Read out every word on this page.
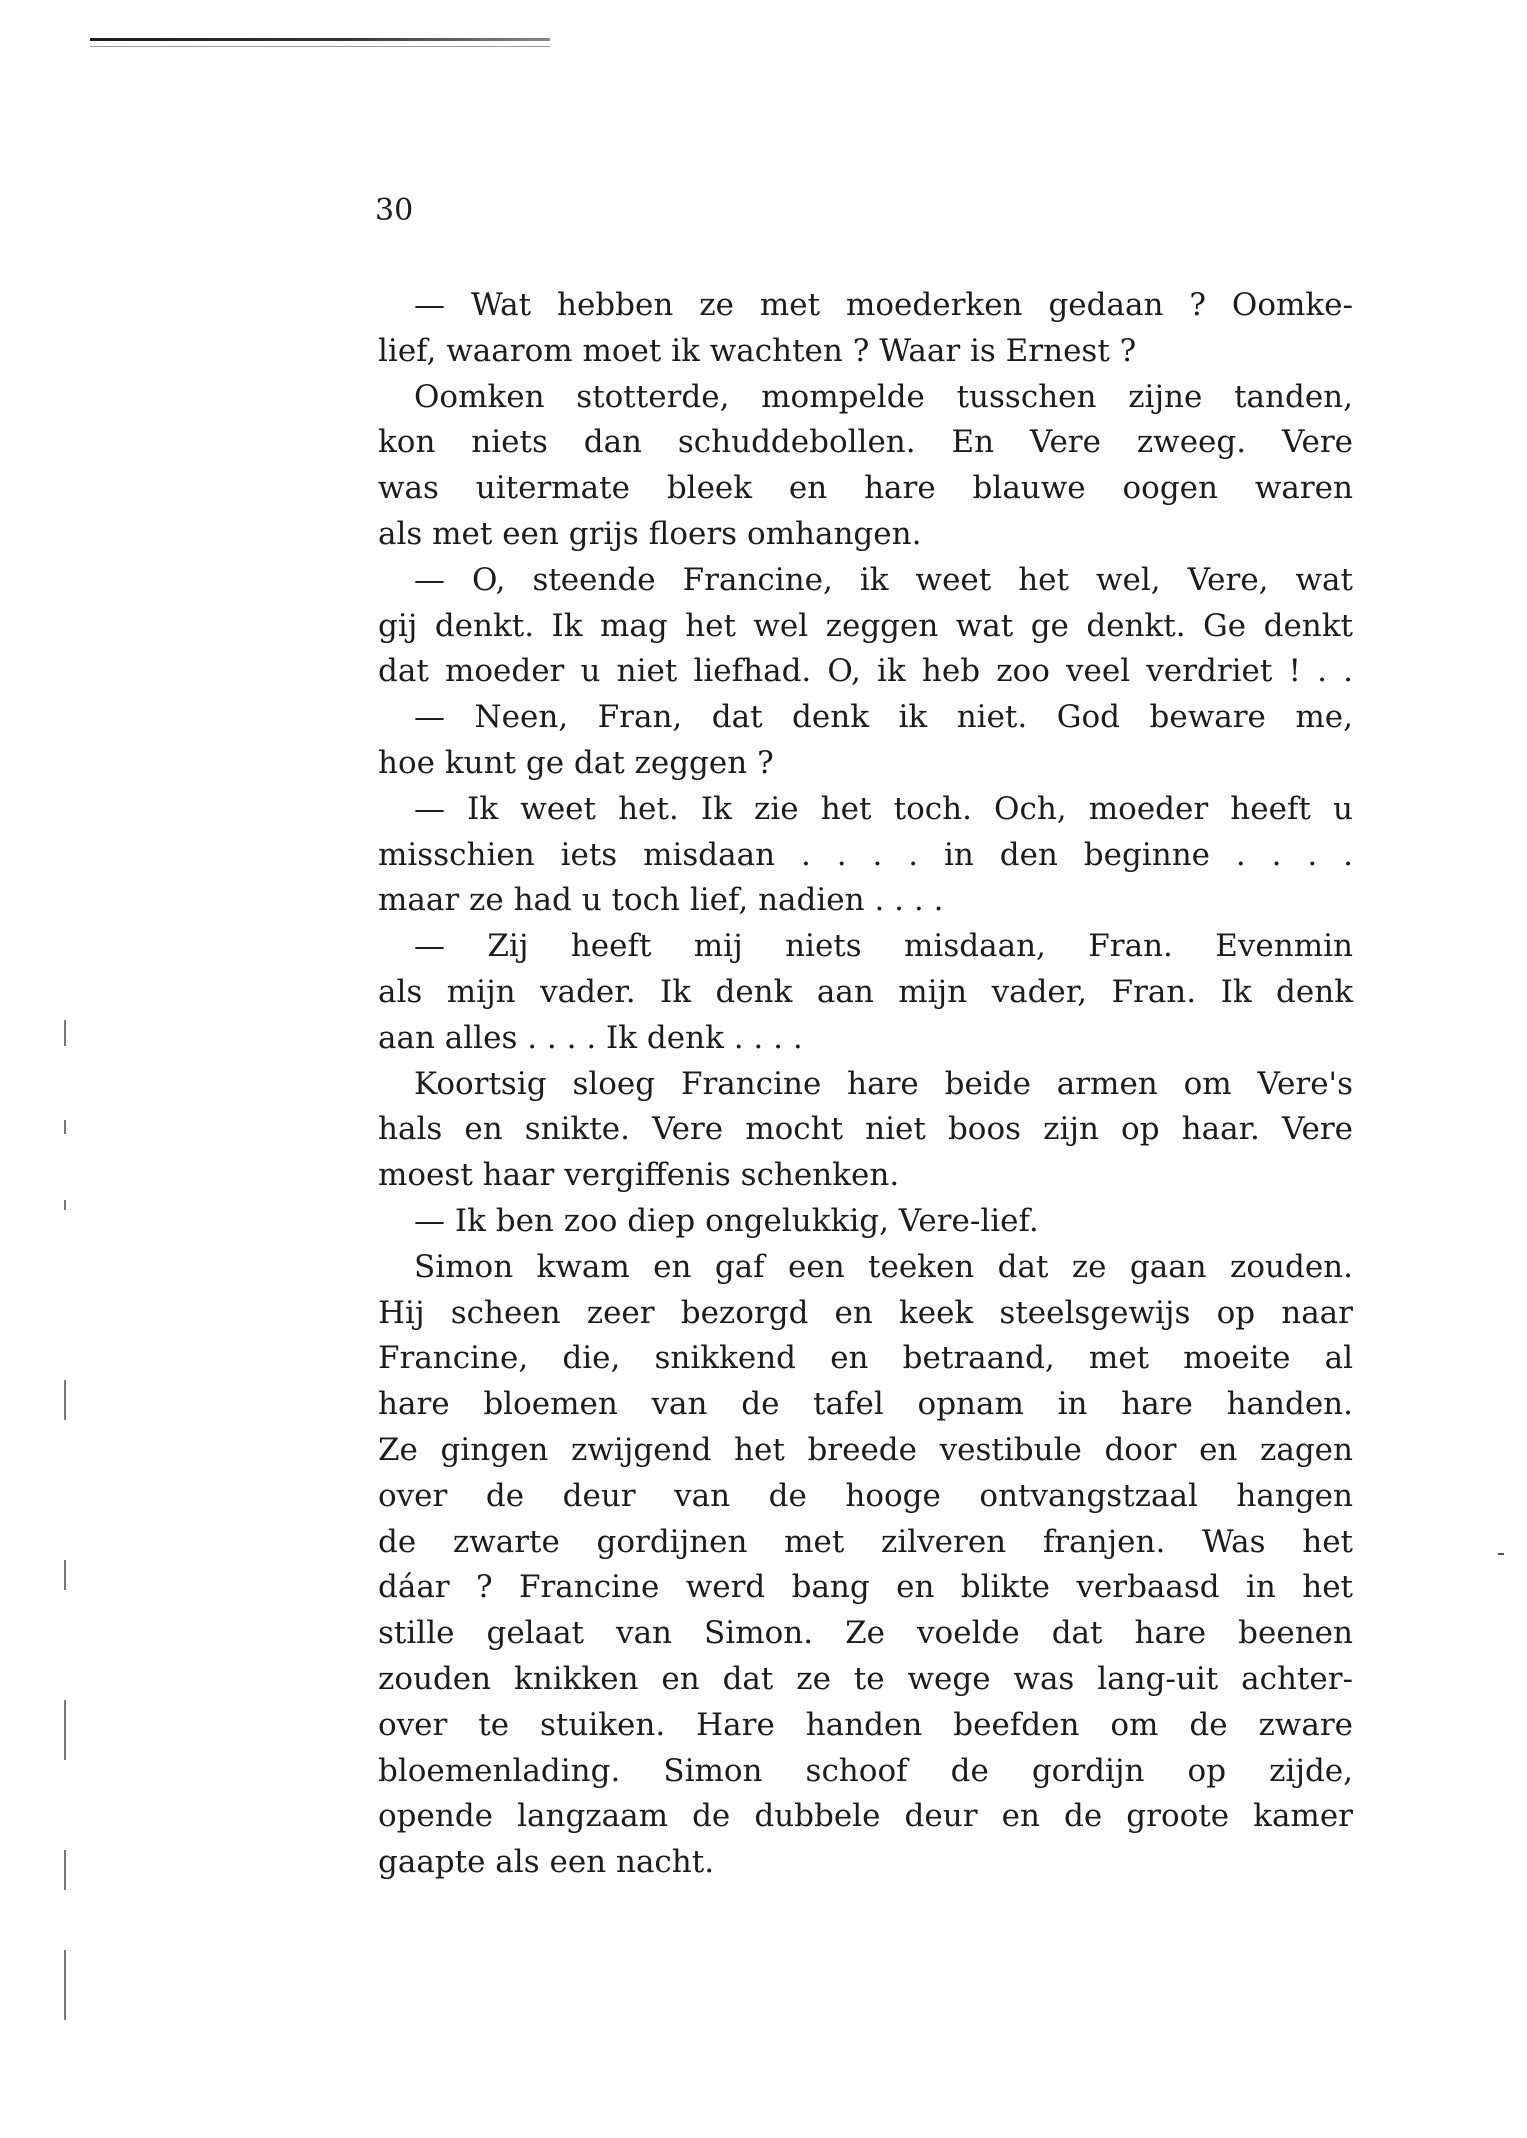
30
— Wat hebben ze met moederken gedaan ? Oomke-
lief, waarom moet ik wachten ? Waar is Ernest ?
Oomken stotterde, mompelde tusschen zijne tanden,
kon niets dan schuddebollen. En Vere zweeg. Vere
was uitermate bleek en hare blauwe oogen waren
als met een grijs floers omhangen.
— O, steende Francine, ik weet het wel, Vere, wat
gij denkt. Ik mag het wel zeggen wat ge denkt. Ge denkt
dat moeder u niet liefhad. O, ik heb zoo veel verdriet ! . .
— Neen, Fran, dat denk ik niet. God beware me,
hoe kunt ge dat zeggen ?
— Ik weet het. Ik zie het toch. Och, moeder heeft u
misschien iets misdaan . . . . in den beginne . . . .
maar ze had u toch lief, nadien . . . .
— Zij heeft mij niets misdaan, Fran. Evenmin
als mijn vader. Ik denk aan mijn vader, Fran. Ik denk
aan alles . . . . Ik denk . . . .
Koortsig sloeg Francine hare beide armen om Vere's
hals en snikte. Vere mocht niet boos zijn op haar. Vere
moest haar vergiffenis schenken.
— Ik ben zoo diep ongelukkig, Vere-lief.
Simon kwam en gaf een teeken dat ze gaan zouden.
Hij scheen zeer bezorgd en keek steelsgewijs op naar
Francine, die, snikkend en betraand, met moeite al
hare bloemen van de tafel opnam in hare handen.
Ze gingen zwijgend het breede vestibule door en zagen
over de deur van de hooge ontvangstzaal hangen
de zwarte gordijnen met zilveren franjen. Was het
dáar ? Francine werd bang en blikte verbaasd in het
stille gelaat van Simon. Ze voelde dat hare beenen
zouden knikken en dat ze te wege was lang-uit achter-
over te stuiken. Hare handen beefden om de zware
bloemenlading. Simon schoof de gordijn op zijde,
opende langzaam de dubbele deur en de groote kamer
gaapte als een nacht.
